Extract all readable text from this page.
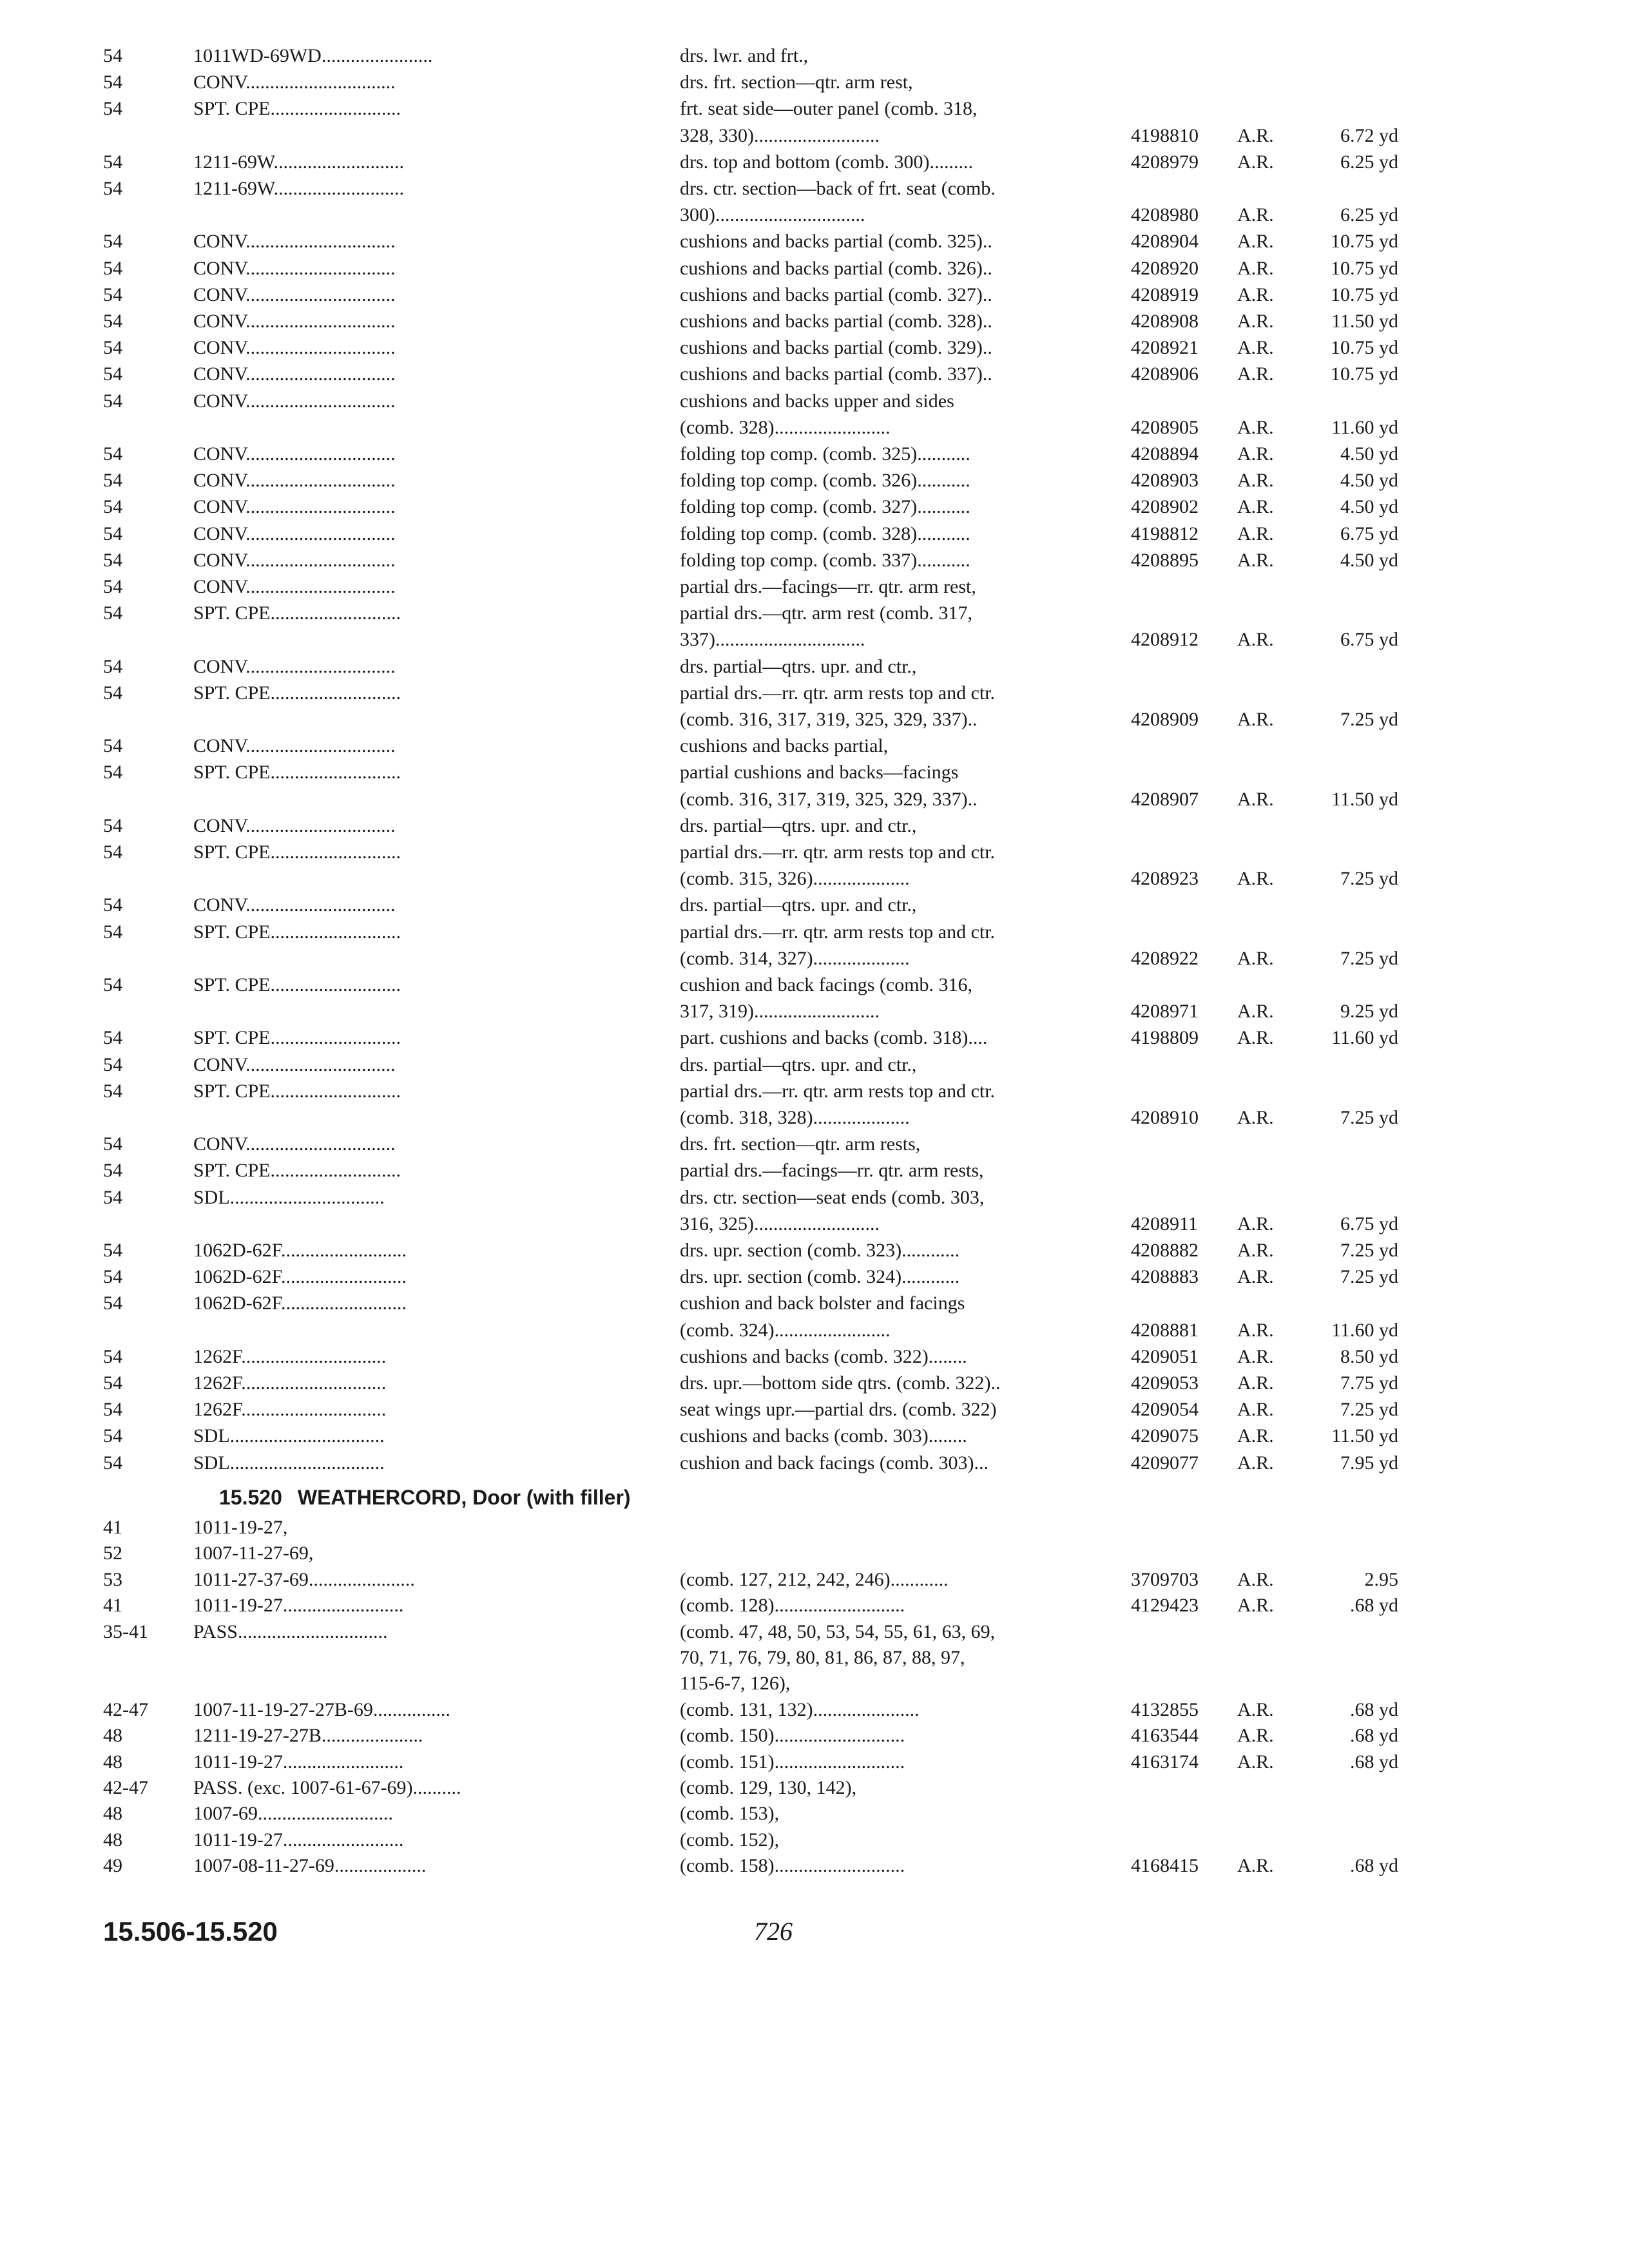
54	1011WD-69WD.......................	drs. lwr. and frt.,
54	CONV...............................	drs. frt. section—qtr. arm rest,
54	SPT. CPE...........................	frt. seat side—outer panel (comb. 318,
328, 330)..........................	4198810	A.R.	6.72 yd
54	1211-69W...........................	drs. top and bottom (comb. 300).........	4208979	A.R.	6.25 yd
54	1211-69W...........................	drs. ctr. section—back of frt. seat (comb.
300)...............................	4208980	A.R.	6.25 yd
54	CONV...............................	cushions and backs partial (comb. 325)..	4208904	A.R.	10.75 yd
54	CONV...............................	cushions and backs partial (comb. 326)..	4208920	A.R.	10.75 yd
54	CONV...............................	cushions and backs partial (comb. 327)..	4208919	A.R.	10.75 yd
54	CONV...............................	cushions and backs partial (comb. 328)..	4208908	A.R.	11.50 yd
54	CONV...............................	cushions and backs partial (comb. 329)..	4208921	A.R.	10.75 yd
54	CONV...............................	cushions and backs partial (comb. 337)..	4208906	A.R.	10.75 yd
54	CONV...............................	cushions and backs upper and sides
(comb. 328)........................	4208905	A.R.	11.60 yd
54	CONV...............................	folding top comp. (comb. 325)...........	4208894	A.R.	4.50 yd
54	CONV...............................	folding top comp. (comb. 326)...........	4208903	A.R.	4.50 yd
54	CONV...............................	folding top comp. (comb. 327)...........	4208902	A.R.	4.50 yd
54	CONV...............................	folding top comp. (comb. 328)...........	4198812	A.R.	6.75 yd
54	CONV...............................	folding top comp. (comb. 337)...........	4208895	A.R.	4.50 yd
54	CONV...............................	partial drs.—facings—rr. qtr. arm rest,
54	SPT. CPE...........................	partial drs.—qtr. arm rest (comb. 317,
337)...............................	4208912	A.R.	6.75 yd
54	CONV...............................	drs. partial—qtrs. upr. and ctr.,
54	SPT. CPE...........................	partial drs.—rr. qtr. arm rests top and ctr.
(comb. 316, 317, 319, 325, 329, 337)..	4208909	A.R.	7.25 yd
54	CONV...............................	cushions and backs partial,
54	SPT. CPE...........................	partial cushions and backs—facings
(comb. 316, 317, 319, 325, 329, 337)..	4208907	A.R.	11.50 yd
54	CONV...............................	drs. partial—qtrs. upr. and ctr.,
54	SPT. CPE...........................	partial drs.—rr. qtr. arm rests top and ctr.
(comb. 315, 326)....................	4208923	A.R.	7.25 yd
54	CONV...............................	drs. partial—qtrs. upr. and ctr.,
54	SPT. CPE...........................	partial drs.—rr. qtr. arm rests top and ctr.
(comb. 314, 327)....................	4208922	A.R.	7.25 yd
54	SPT. CPE...........................	cushion and back facings (comb. 316,
317, 319)..........................	4208971	A.R.	9.25 yd
54	SPT. CPE...........................	part. cushions and backs (comb. 318)....	4198809	A.R.	11.60 yd
54	CONV...............................	drs. partial—qtrs. upr. and ctr.,
54	SPT. CPE...........................	partial drs.—rr. qtr. arm rests top and ctr.
(comb. 318, 328)....................	4208910	A.R.	7.25 yd
54	CONV...............................	drs. frt. section—qtr. arm rests,
54	SPT. CPE...........................	partial drs.—facings—rr. qtr. arm rests,
54	SDL................................	drs. ctr. section—seat ends (comb. 303,
316, 325)..........................	4208911	A.R.	6.75 yd
54	1062D-62F..........................	drs. upr. section (comb. 323)............	4208882	A.R.	7.25 yd
54	1062D-62F..........................	drs. upr. section (comb. 324)............	4208883	A.R.	7.25 yd
54	1062D-62F..........................	cushion and back bolster and facings
(comb. 324)........................	4208881	A.R.	11.60 yd
54	1262F..............................	cushions and backs (comb. 322)........	4209051	A.R.	8.50 yd
54	1262F..............................	drs. upr.—bottom side qtrs. (comb. 322)..	4209053	A.R.	7.75 yd
54	1262F..............................	seat wings upr.—partial drs. (comb. 322)	4209054	A.R.	7.25 yd
54	SDL................................	cushions and backs (comb. 303)........	4209075	A.R.	11.50 yd
54	SDL................................	cushion and back facings (comb. 303)...	4209077	A.R.	7.95 yd
15.520 WEATHERCORD, Door (with filler)
41	1011-19-27,
52	1007-11-27-69,
53	1011-27-37-69......................	(comb. 127, 212, 242, 246)............	3709703	A.R.	2.95
41	1011-19-27.........................	(comb. 128)...........................	4129423	A.R.	.68 yd
35-41	PASS...............................	(comb. 47, 48, 50, 53, 54, 55, 61, 63, 69,
70, 71, 76, 79, 80, 81, 86, 87, 88, 97,
115-6-7, 126),
42-47	1007-11-19-27-27B-69................	(comb. 131, 132)......................	4132855	A.R.	.68 yd
48	1211-19-27-27B.....................	(comb. 150)...........................	4163544	A.R.	.68 yd
48	1011-19-27.........................	(comb. 151)...........................	4163174	A.R.	.68 yd
42-47	PASS. (exc. 1007-61-67-69)..........	(comb. 129, 130, 142),
48	1007-69............................	(comb. 153),
48	1011-19-27.........................	(comb. 152),
49	1007-08-11-27-69...................	(comb. 158)...........................	4168415	A.R.	.68 yd
15.506-15.520	726
